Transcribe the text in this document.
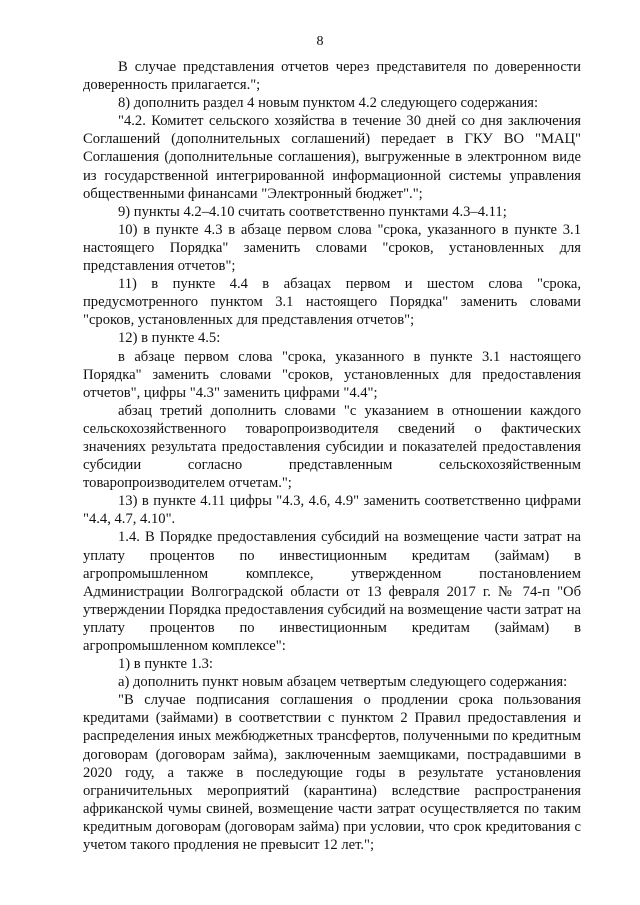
8

В случае представления отчетов через представителя по доверенности доверенность прилагается.";

8) дополнить раздел 4 новым пунктом 4.2 следующего содержания:

"4.2. Комитет сельского хозяйства в течение 30 дней со дня заключения Соглашений (дополнительных соглашений) передает в ГКУ ВО "МАЦ" Соглашения (дополнительные соглашения), выгруженные в электронном виде из государственной интегрированной информационной системы управления общественными финансами "Электронный бюджет".";

9) пункты 4.2–4.10 считать соответственно пунктами 4.3–4.11;

10) в пункте 4.3 в абзаце первом слова "срока, указанного в пункте 3.1 настоящего Порядка" заменить словами "сроков, установленных для представления отчетов";

11) в пункте 4.4 в абзацах первом и шестом слова "срока, предусмотренного пунктом 3.1 настоящего Порядка" заменить словами "сроков, установленных для представления отчетов";

12) в пункте 4.5:

в абзаце первом слова "срока, указанного в пункте 3.1 настоящего Порядка" заменить словами "сроков, установленных для предоставления отчетов", цифры "4.3" заменить цифрами "4.4";

абзац третий дополнить словами "с указанием в отношении каждого сельскохозяйственного товаропроизводителя сведений о фактических значениях результата предоставления субсидии и показателей предоставления субсидии согласно представленным сельскохозяйственным товаропроизводителем отчетам.";

13) в пункте 4.11 цифры "4.3, 4.6, 4.9" заменить соответственно цифрами "4.4, 4.7, 4.10".

1.4. В Порядке предоставления субсидий на возмещение части затрат на уплату процентов по инвестиционным кредитам (займам) в агропромышленном комплексе, утвержденном постановлением Администрации Волгоградской области от 13 февраля 2017 г. № 74-п "Об утверждении Порядка предоставления субсидий на возмещение части затрат на уплату процентов по инвестиционным кредитам (займам) в агропромышленном комплексе":

1) в пункте 1.3:

а) дополнить пункт новым абзацем четвертым следующего содержания:

"В случае подписания соглашения о продлении срока пользования кредитами (займами) в соответствии с пунктом 2 Правил предоставления и распределения иных межбюджетных трансфертов, полученными по кредитным договорам (договорам займа), заключенным заемщиками, пострадавшими в 2020 году, а также в последующие годы в результате установления ограничительных мероприятий (карантина) вследствие распространения африканской чумы свиней, возмещение части затрат осуществляется по таким кредитным договорам (договорам займа) при условии, что срок кредитования с учетом такого продления не превысит 12 лет.";
